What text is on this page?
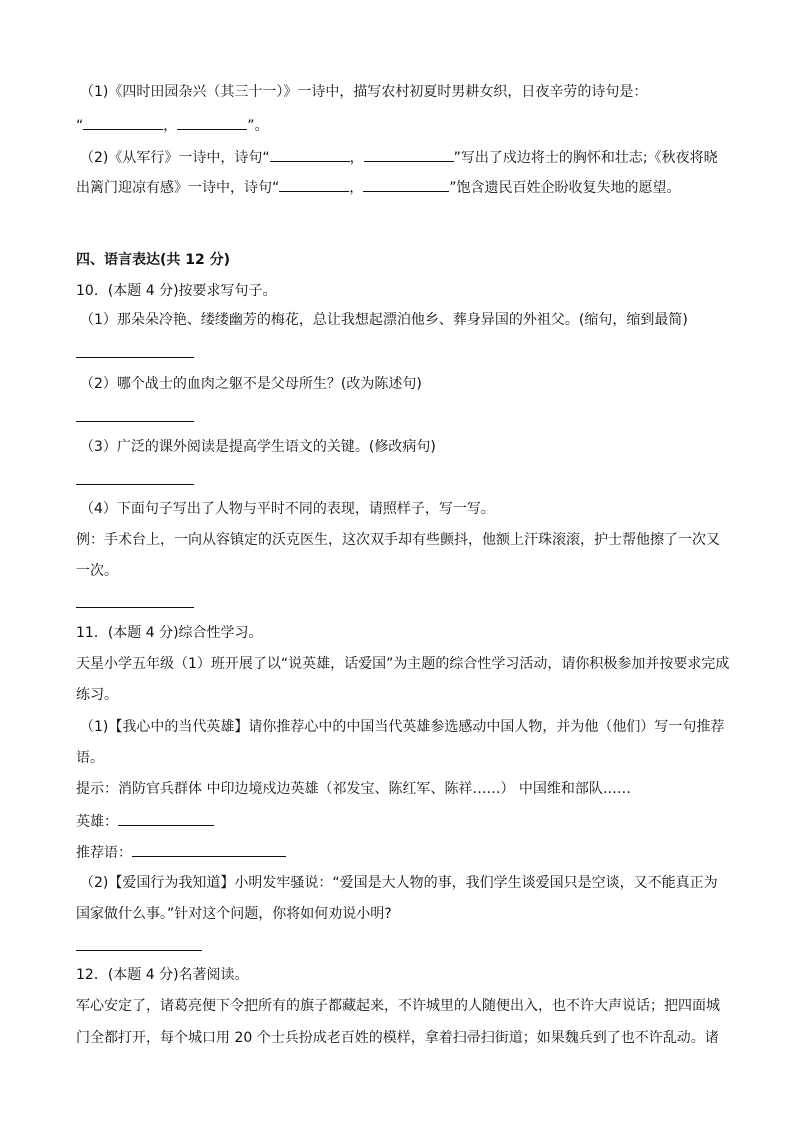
（1)《四时田园杂兴（其三十一）》一诗中，描写农村初夏时男耕女织，日夜辛劳的诗句是：
“	，	”。
（2)《从军行》一诗中，诗句“	，	”写出了戍边将士的胸怀和壮志;《秋夜将晓
出篱门迎凉有感》一诗中，诗句“	，	”饱含遗民百姓企盼收复失地的愿望。
四、语言表达(共 12 分)
10．(本题 4 分)按要求写句子。
（1）那朵朵冷艳、缕缕幽芳的梅花，总让我想起漂泊他乡、葬身异国的外祖父。(缩句，缩到最简)
（2）哪个战士的血肉之躯不是父母所生？(改为陈述句)
（3）广泛的课外阅读是提高学生语文的关键。(修改病句)
（4）下面句子写出了人物与平时不同的表现，请照样子，写一写。
例：手术台上，一向从容镇定的沃克医生，这次双手却有些颤抖，他额上汗珠滚滚，护士帮他擦了一次又
一次。
11．(本题 4 分)综合性学习。
天星小学五年级（1）班开展了以“说英雄，话爱国”为主题的综合性学习活动，请你积极参加并按要求完成
练习。
（1)【我心中的当代英雄】请你推荐心中的中国当代英雄参选感动中国人物，并为他（他们）写一句推荐
语。
提示：消防官兵群体 中印边境戍边英雄（祁发宝、陈红军、陈祥……） 中国维和部队……
英雄：
推荐语：
（2)【爱国行为我知道】小明发牢骚说：“爱国是大人物的事，我们学生谈爱国只是空谈，又不能真正为
国家做什么事。”针对这个问题，你将如何劝说小明?
12．(本题 4 分)名著阅读。
军心安定了，诸葛亮便下令把所有的旗子都藏起来，不许城里的人随便出入，也不许大声说话；把四面城
门全都打开，每个城口用 20 个士兵扮成老百姓的模样，拿着扫帚扫街道；如果魏兵到了也不许乱动。诸
